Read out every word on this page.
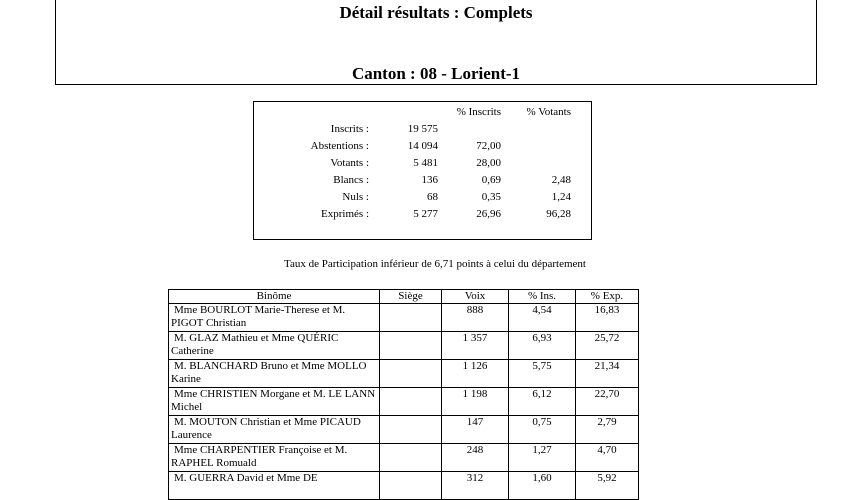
Détail résultats : Complets
Canton : 08 - Lorient-1
% Inscrits % Votants
Inscrits :	19 575
Abstentions :	14 094	72,00
Votants :	5 481	28,00
Blancs :	136	0,69	2,48
Nuls :	68	0,35	1,24
Exprimés :	5 277	26,96	96,28
Taux de Participation inférieur de 6,71 points à celui du département
Binôme	Siège	Voix	% Ins.	% Exp.
Mme BOURLOT Marie-Therese et M. PIGOT Christian		888	4,54	16,83
M. GLAZ Mathieu et Mme QUÉRIC Catherine		1 357	6,93	25,72
M. BLANCHARD Bruno et Mme MOLLO Karine		1 126	5,75	21,34
Mme CHRISTIEN Morgane et M. LE LANN Michel		1 198	6,12	22,70
M. MOUTON Christian et Mme PICAUD Laurence		147	0,75	2,79
Mme CHARPENTIER Françoise et M. RAPHEL Romuald		248	1,27	4,70
M. GUERRA David et Mme DE		312	1,60	5,92
